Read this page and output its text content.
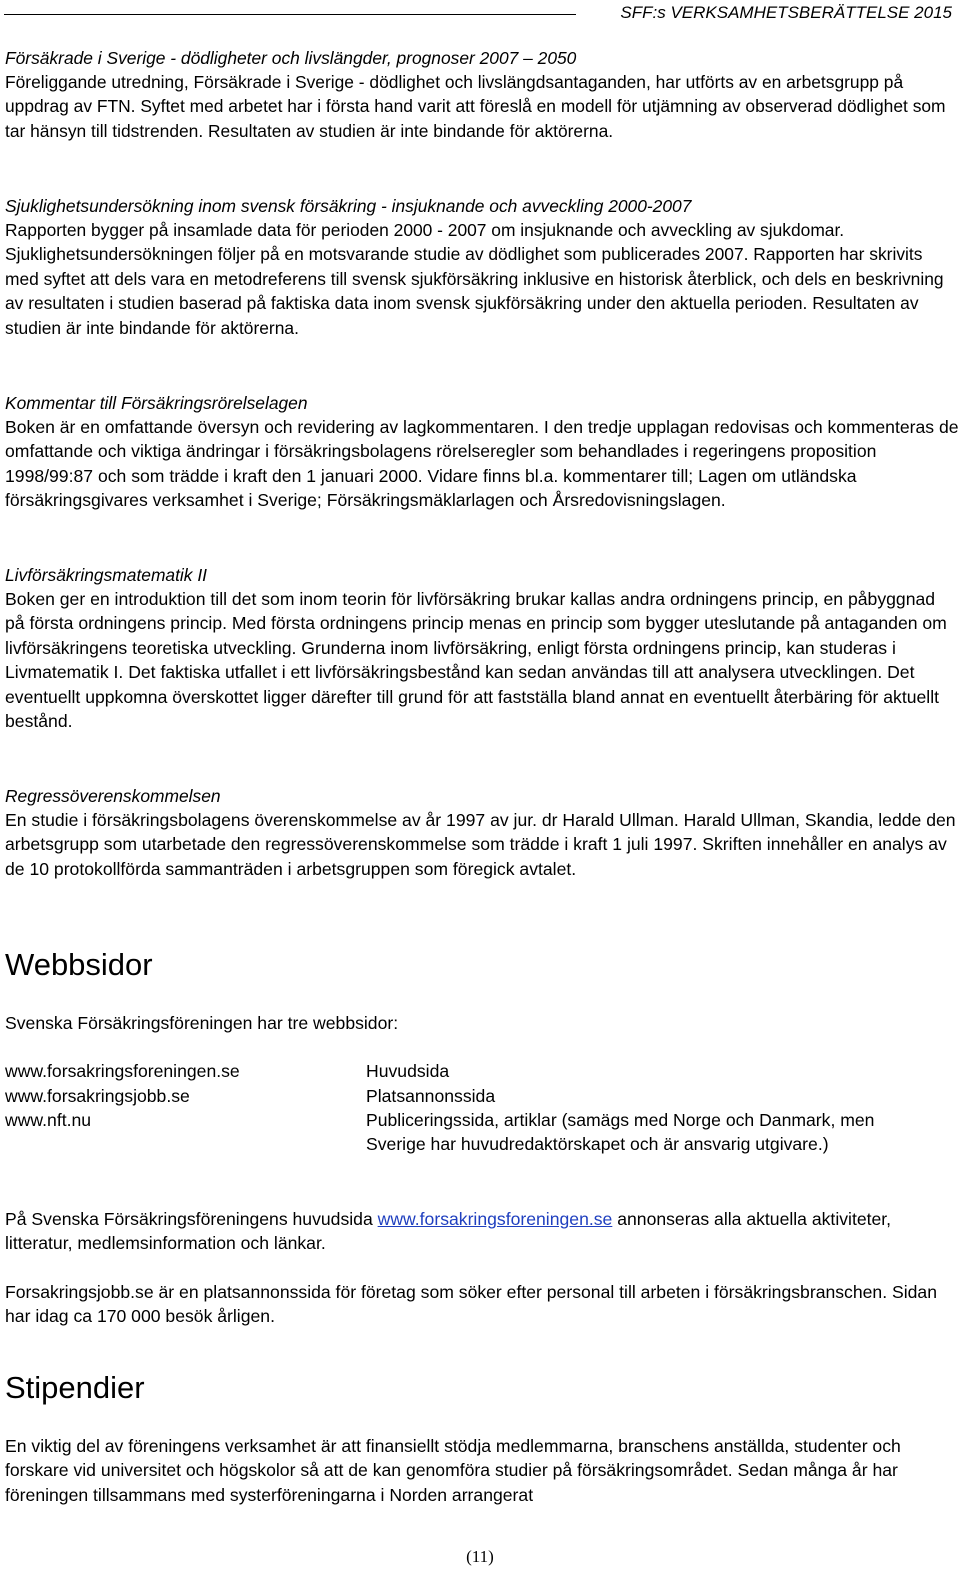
SFF:s VERKSAMHETSBERÄTTELSE 2015
Försäkrade i Sverige - dödligheter och livslängder, prognoser 2007 – 2050
Föreliggande utredning, Försäkrade i Sverige - dödlighet och livslängdsantaganden, har utförts av en arbetsgrupp på uppdrag av FTN. Syftet med arbetet har i första hand varit att föreslå en modell för utjämning av observerad dödlighet som tar hänsyn till tidstrenden. Resultaten av studien är inte bindande för aktörerna.
Sjuklighetsundersökning inom svensk försäkring - insjuknande och avveckling 2000-2007
Rapporten bygger på insamlade data för perioden 2000 - 2007 om insjuknande och avveckling av sjukdomar. Sjuklighetsundersökningen följer på en motsvarande studie av dödlighet som publicerades 2007. Rapporten har skrivits med syftet att dels vara en metodreferens till svensk sjukförsäkring inklusive en historisk återblick, och dels en beskrivning av resultaten i studien baserad på faktiska data inom svensk sjukförsäkring under den aktuella perioden. Resultaten av studien är inte bindande för aktörerna.
Kommentar till Försäkringsrörelselagen
Boken är en omfattande översyn och revidering av lagkommentaren. I den tredje upplagan redovisas och kommenteras de omfattande och viktiga ändringar i försäkringsbolagens rörelseregler som behandlades i regeringens proposition 1998/99:87 och som trädde i kraft den 1 januari 2000. Vidare finns bl.a. kommentarer till; Lagen om utländska försäkringsgivares verksamhet i Sverige; Försäkringsmäklarlagen och Årsredovisningslagen.
Livförsäkringsmatematik II
Boken ger en introduktion till det som inom teorin för livförsäkring brukar kallas andra ordningens princip, en påbyggnad på första ordningens princip. Med första ordningens princip menas en princip som bygger uteslutande på antaganden om livförsäkringens teoretiska utveckling. Grunderna inom livförsäkring, enligt första ordningens princip, kan studeras i Livmatematik I. Det faktiska utfallet i ett livförsäkringsbestånd kan sedan användas till att analysera utvecklingen. Det eventuellt uppkomna överskottet ligger därefter till grund för att fastställa bland annat en eventuellt återbäring för aktuellt bestånd.
Regressöverenskommelsen
En studie i försäkringsbolagens överenskommelse av år 1997 av jur. dr Harald Ullman. Harald Ullman, Skandia, ledde den arbetsgrupp som utarbetade den regressöverenskommelse som trädde i kraft 1 juli 1997. Skriften innehåller en analys av de 10 protokollförda sammanträden i arbetsgruppen som föregick avtalet.
Webbsidor
Svenska Försäkringsföreningen har tre webbsidor:
www.forsakringsforeningen.se	Huvudsida
www.forsakringsjobb.se	Platsannonssida
www.nft.nu	Publiceringssida, artiklar (samägs med Norge och Danmark, men Sverige har huvudredaktörskapet och är ansvarig utgivare.)
På Svenska Försäkringsföreningens huvudsida www.forsakringsforeningen.se annonseras alla aktuella aktiviteter, litteratur, medlemsinformation och länkar.
Forsakringsjobb.se är en platsannonssida för företag som söker efter personal till arbeten i försäkringsbranschen. Sidan har idag ca 170 000 besök årligen.
Stipendier
En viktig del av föreningens verksamhet är att finansiellt stödja medlemmarna, branschens anställda, studenter och forskare vid universitet och högskolor så att de kan genomföra studier på försäkringsområdet. Sedan många år har föreningen tillsammans med systerföreningarna i Norden arrangerat
(11)
